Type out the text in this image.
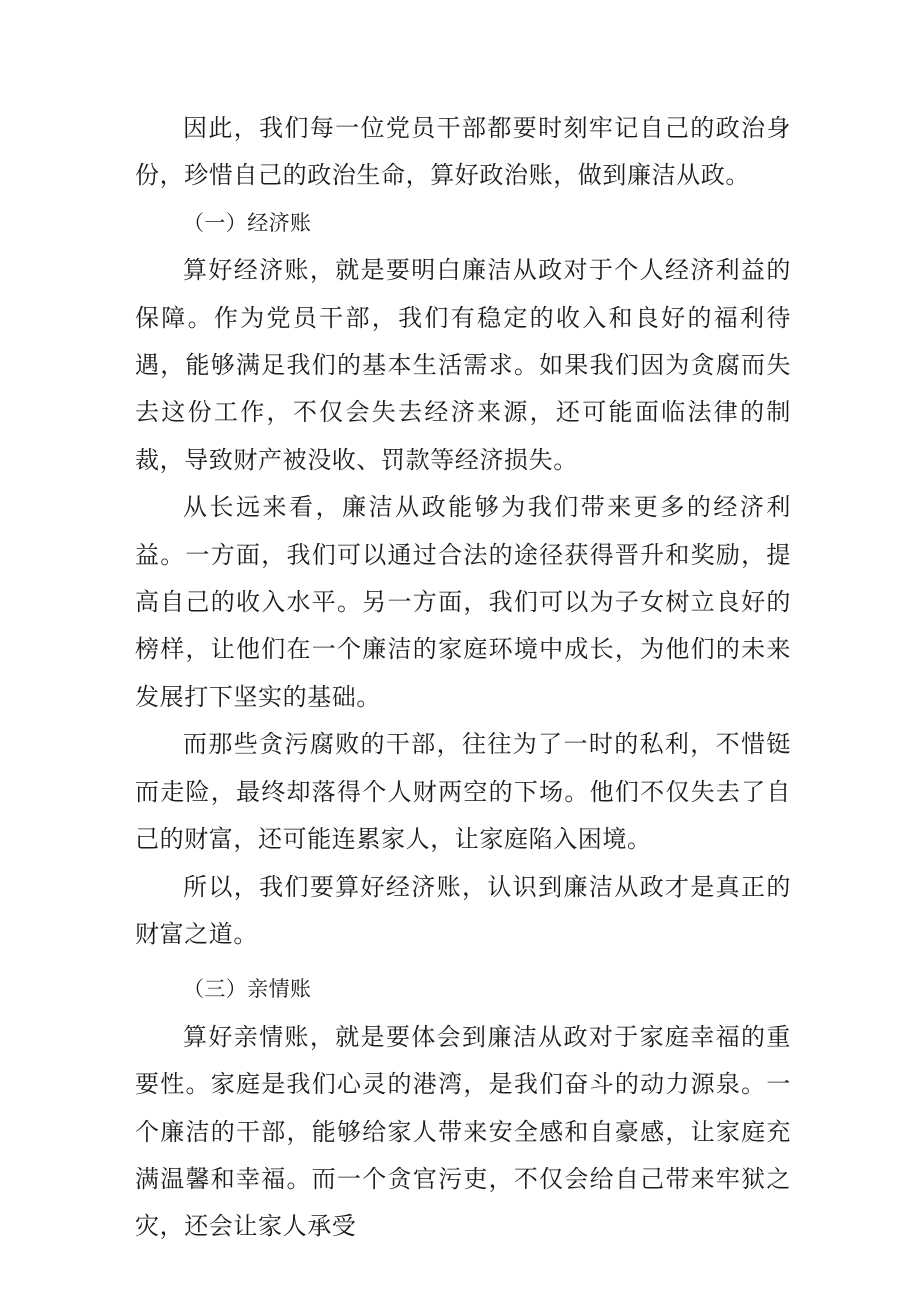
因此，我们每一位党员干部都要时刻牢记自己的政治身份，珍惜自己的政治生命，算好政治账，做到廉洁从政。

（一）经济账

算好经济账，就是要明白廉洁从政对于个人经济利益的保障。作为党员干部，我们有稳定的收入和良好的福利待遇，能够满足我们的基本生活需求。如果我们因为贪腐而失去这份工作，不仅会失去经济来源，还可能面临法律的制裁，导致财产被没收、罚款等经济损失。

从长远来看，廉洁从政能够为我们带来更多的经济利益。一方面，我们可以通过合法的途径获得晋升和奖励，提高自己的收入水平。另一方面，我们可以为子女树立良好的榜样，让他们在一个廉洁的家庭环境中成长，为他们的未来发展打下坚实的基础。

而那些贪污腐败的干部，往往为了一时的私利，不惜铤而走险，最终却落得个人财两空的下场。他们不仅失去了自己的财富，还可能连累家人，让家庭陷入困境。

所以，我们要算好经济账，认识到廉洁从政才是真正的财富之道。

（三）亲情账

算好亲情账，就是要体会到廉洁从政对于家庭幸福的重要性。家庭是我们心灵的港湾，是我们奋斗的动力源泉。一个廉洁的干部，能够给家人带来安全感和自豪感，让家庭充满温馨和幸福。而一个贪官污吏，不仅会给自己带来牢狱之灾，还会让家人承受
